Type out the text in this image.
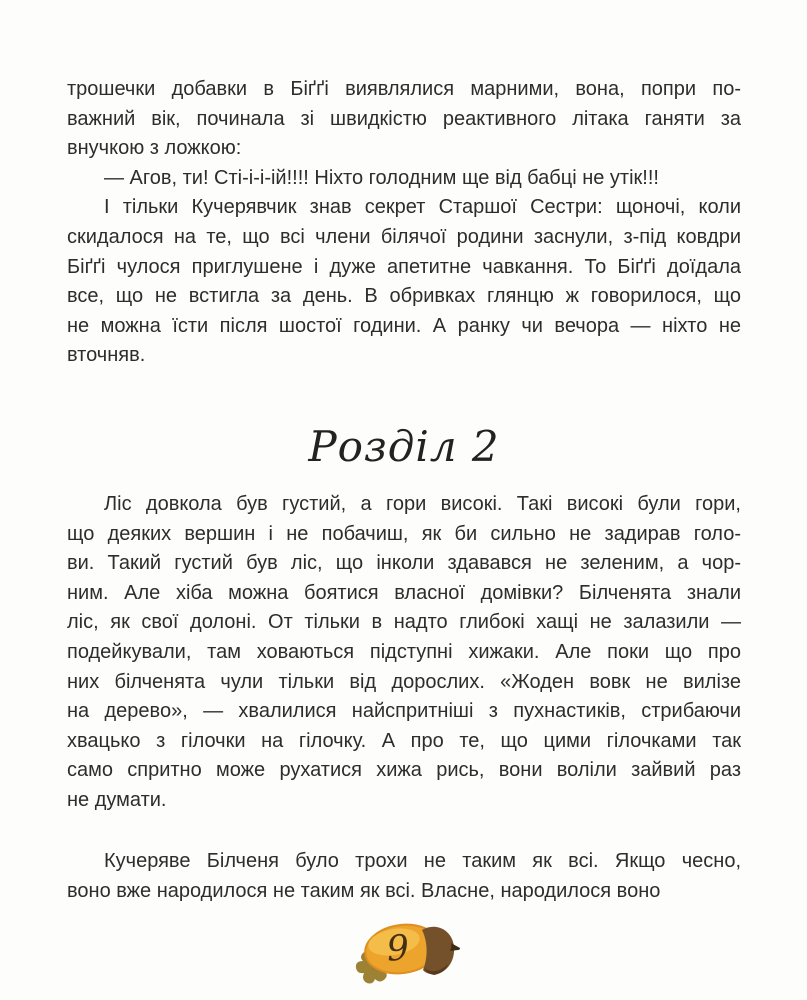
трошечки добавки в Біґґі виявлялися марними, вона, попри по-
важний вік, починала зі швидкістю реактивного літака ганяти за
внучкою з ложкою:
— Агов, ти! Сті-і-і-ій!!!! Ніхто голодним ще від бабці не утік!!!
І тільки Кучерявчик знав секрет Старшої Сестри: щоночі, коли
скидалося на те, що всі члени білячої родини заснули, з-під ковдри
Біґґі чулося приглушене і дуже апетитне чавкання. То Біґґі доїдала
все, що не встигла за день. В обривках глянцю ж говорилося, що
не можна їсти після шостої години. А ранку чи вечора — ніхто не
вточняв.
Розділ 2
Ліс довкола був густий, а гори високі. Такі високі були гори,
що деяких вершин і не побачиш, як би сильно не задирав голо-
ви. Такий густий був ліс, що інколи здавався не зеленим, а чор-
ним. Але хіба можна боятися власної домівки? Білченята знали
ліс, як свої долоні. От тільки в надто глибокі хащі не залазили —
подейкували, там ховаються підступні хижаки. Але поки що про
них білченята чули тільки від дорослих. «Жоден вовк не вилізе
на дерево», — хвалилися найспритніші з пухнастиків, стрибаючи
хвацько з гілочки на гілочку. А про те, що цими гілочками так
само спритно може рухатися хижа рись, вони воліли зайвий раз
не думати.
Кучеряве Білченя було трохи не таким як всі. Якщо чесно,
воно вже народилося не таким як всі. Власне, народилося воно
9
